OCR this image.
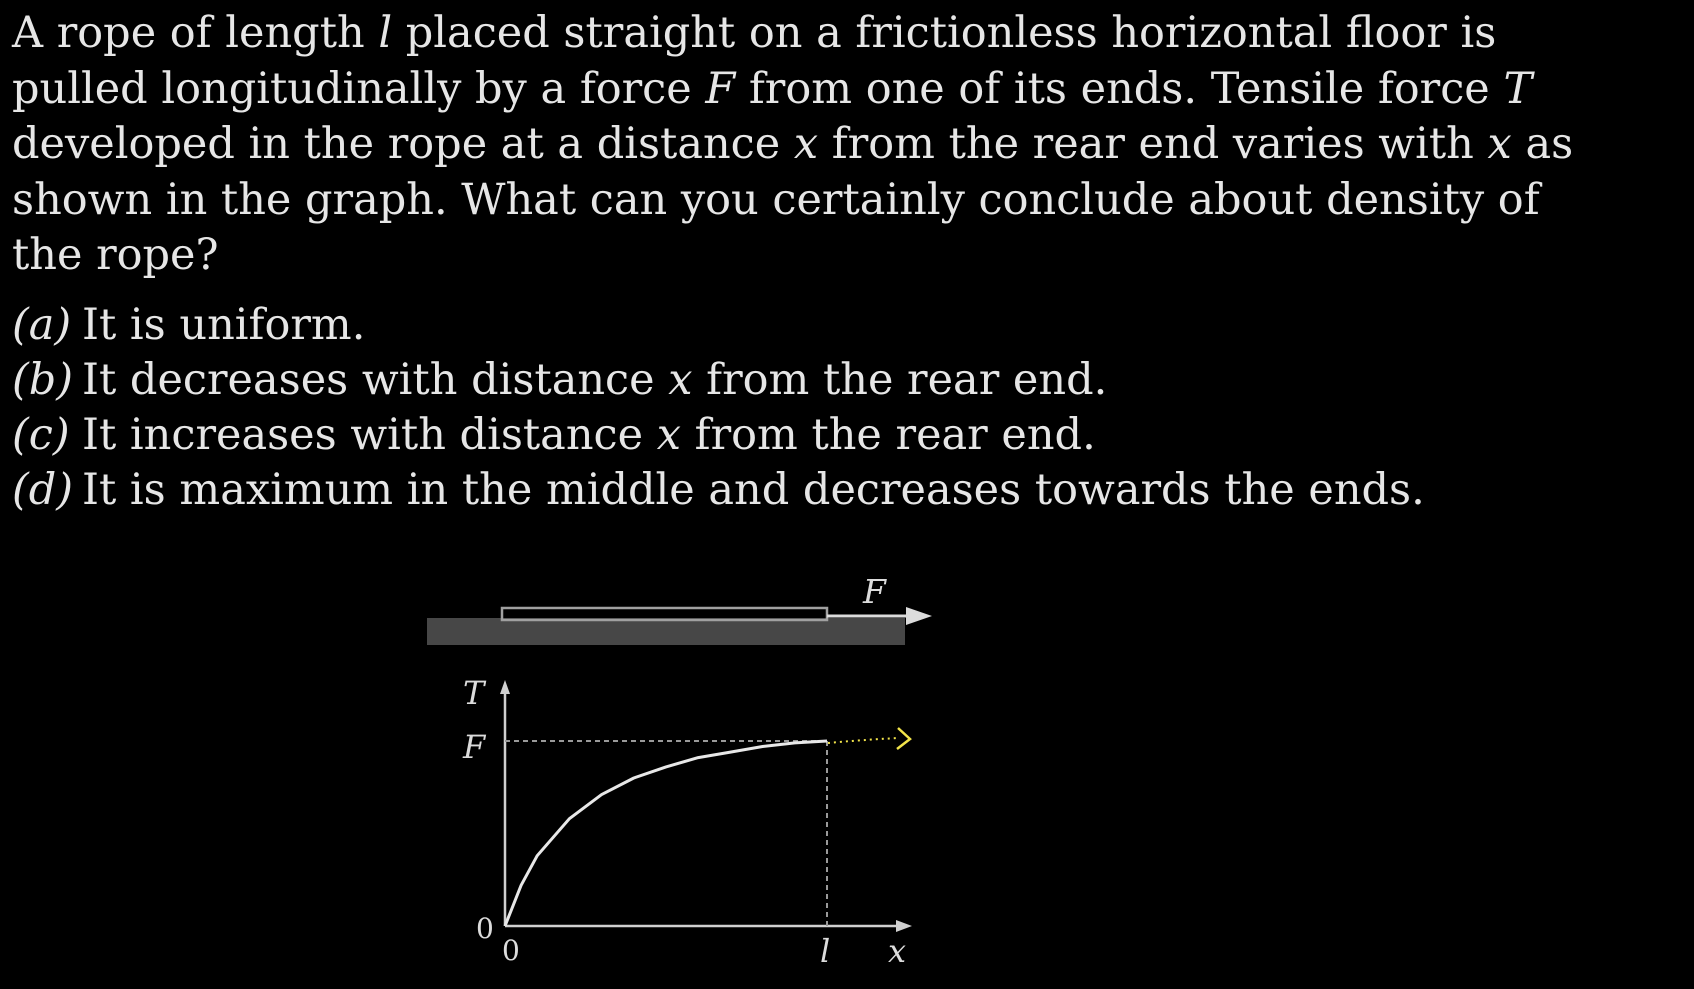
A rope of length l placed straight on a frictionless horizontal floor is
pulled longitudinally by a force F from one of its ends. Tensile force T
developed in the rope at a distance x from the rear end varies with x as
shown in the graph. What can you certainly conclude about density of
the rope?
(a) It is uniform.
(b) It decreases with distance x from the rear end.
(c) It increases with distance x from the rear end.
(d) It is maximum in the middle and decreases towards the ends.
F
T
F
0
0	l x
